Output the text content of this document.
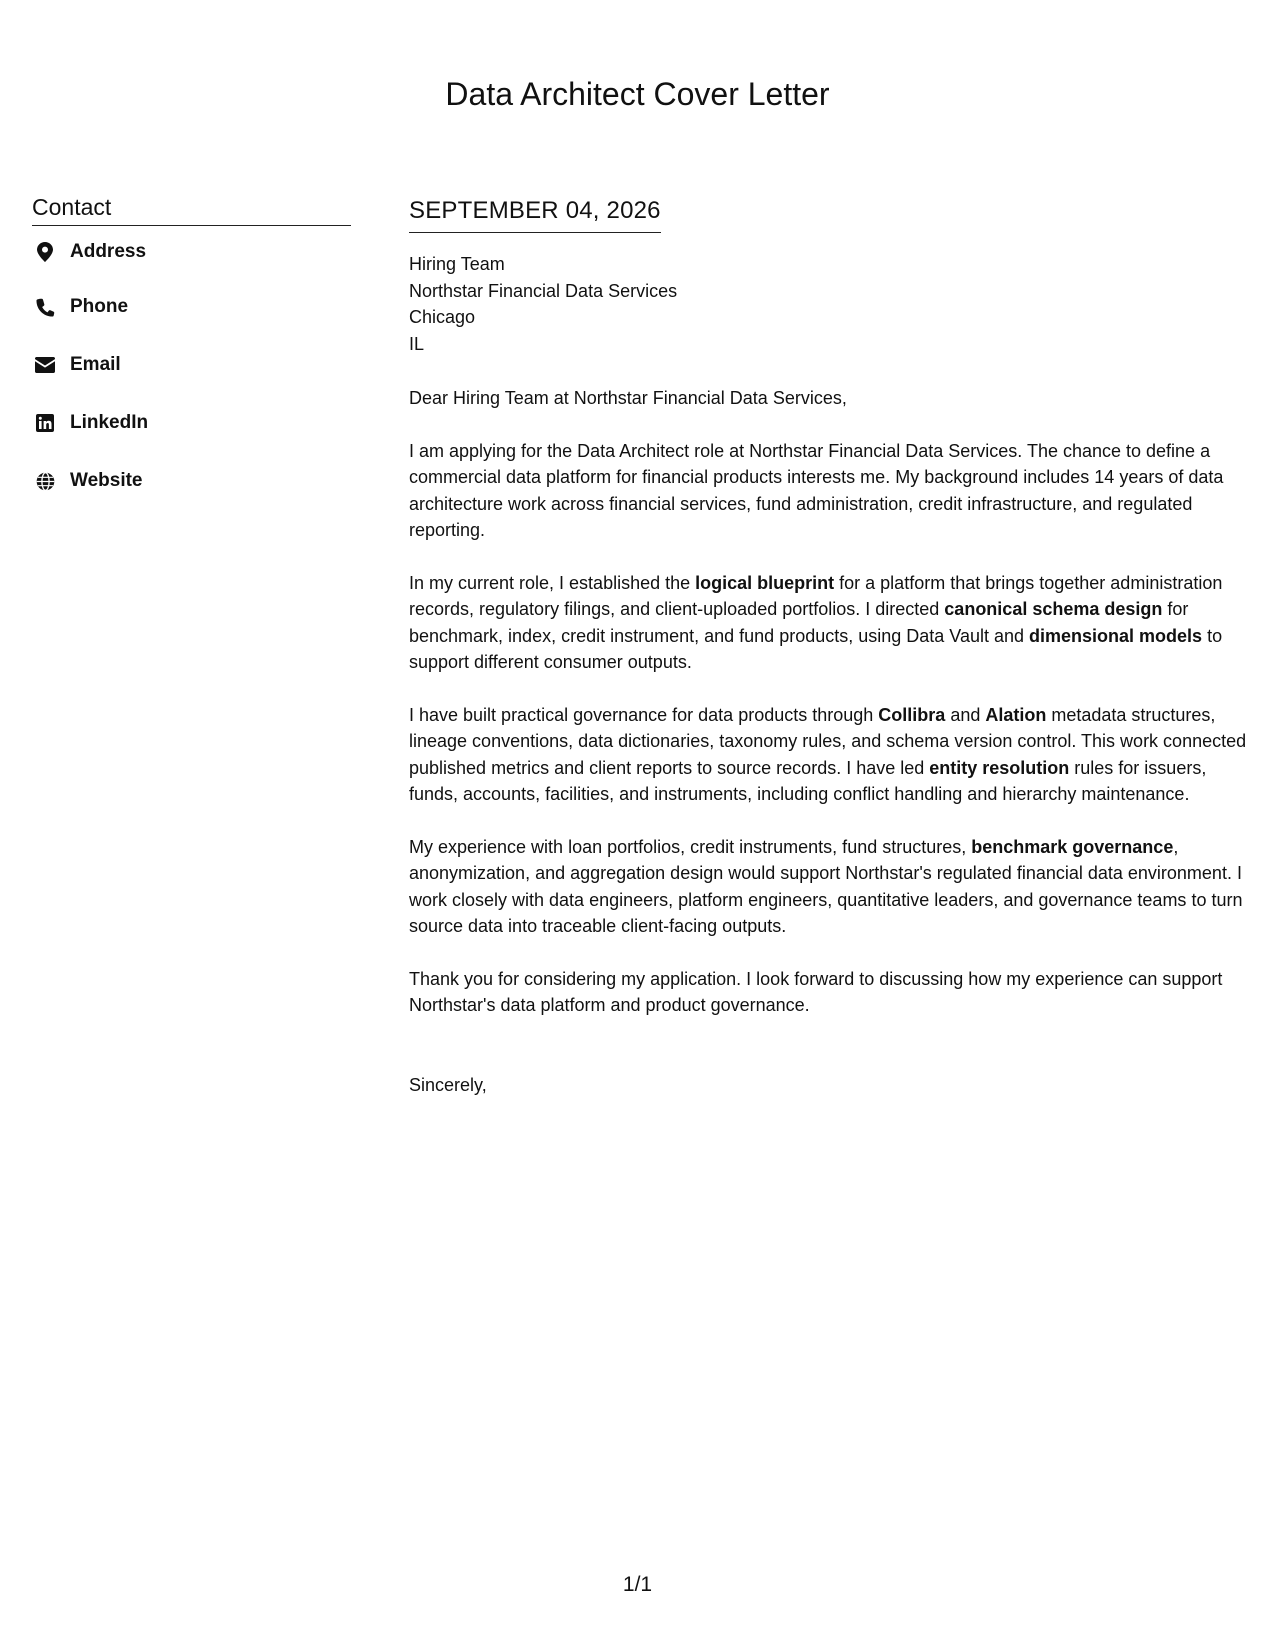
Data Architect Cover Letter
Contact
Address
Phone
Email
LinkedIn
Website
SEPTEMBER 04, 2026
Hiring Team
Northstar Financial Data Services
Chicago
IL

Dear Hiring Team at Northstar Financial Data Services,

I am applying for the Data Architect role at Northstar Financial Data Services. The chance to define a commercial data platform for financial products interests me. My background includes 14 years of data architecture work across financial services, fund administration, credit infrastructure, and regulated reporting.

In my current role, I established the logical blueprint for a platform that brings together administration records, regulatory filings, and client-uploaded portfolios. I directed canonical schema design for benchmark, index, credit instrument, and fund products, using Data Vault and dimensional models to support different consumer outputs.

I have built practical governance for data products through Collibra and Alation metadata structures, lineage conventions, data dictionaries, taxonomy rules, and schema version control. This work connected published metrics and client reports to source records. I have led entity resolution rules for issuers, funds, accounts, facilities, and instruments, including conflict handling and hierarchy maintenance.

My experience with loan portfolios, credit instruments, fund structures, benchmark governance, anonymization, and aggregation design would support Northstar's regulated financial data environment. I work closely with data engineers, platform engineers, quantitative leaders, and governance teams to turn source data into traceable client-facing outputs.

Thank you for considering my application. I look forward to discussing how my experience can support Northstar's data platform and product governance.

Sincerely,
1/1
